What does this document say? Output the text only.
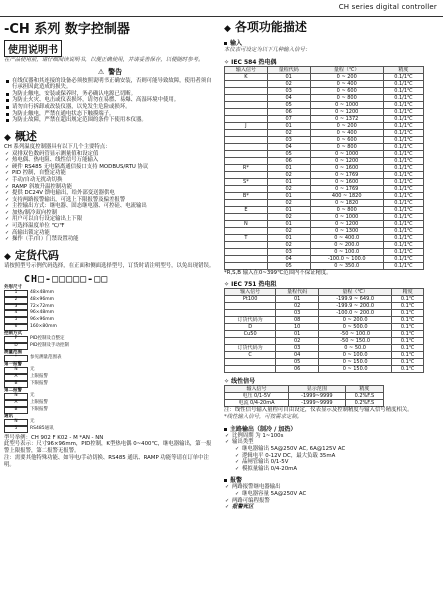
CH series digital controller
-CH 系列 数字控制器
使用说明书
在产品使用前，请仔细阅读说明书，以便正确使用，并请妥善保存，以便随时参考。
⚠ 警告
在线仪器和其连接的设备必须按照说明书正确安装，否则可能导致故障，使用者须自行承担因此造成的损失。
为防止触电，安装或保养时，务必确认电源已切断。
为防止火灾、电击或仪表损坏，请勿在易燃、易爆、高湿环境中使用。
请勿自行拆卸或改装仪器，以免发生危险或损坏。
为防止触电，严禁在通电状态下触摸端子。
为防止故障，严禁在超出规定范围的条件下使用本仪器。
◆ 概述
CH 系列温度控制器具有以下几个主要特点：
✓ 双排双色数码管显示测量值和设定值
✓ 热电偶、热电阻、线性信号万能输入
✓ 硬件 RS485 无电隔离通信接口支持 MODBUS/RTU 协议
✓ PID 控制，自整定功能
✓ 手动/自动无扰动切换
✓ RAMP 斜坡升温控制功能
✓ 提供 DC24V 馈电输出，给外部变送器供电
✓ 支持两路报警输出，可选上下限报警及偏差报警
✓ 主控输出方式：继电器、固态继电器、可控硅、电流输出
✓ 加热/制冷双向控制
✓ 用户可以自行设定输出上下限
✓ 可选择温度单位 ℃/℉
✓ 高输出锁定功能
✓ 操作（手/自）门禁设置功能
◆ 定货代码
请按照型号示例代码选择，在正面和侧面选择型号，订货时请注明型号，以免出现错误。
CH□-□□□□□-□□
外形尺寸
1	48×48mm
2	48×96mm
3	72×72mm
4	96×48mm
5	96×96mm
6	160×80mm
控制方式
F	PID控制及自整定
D	PID控制及手动控制
测量范围
*	参见测量范围表
第一报警
N	无
A	上限报警
B	下限报警
第二报警
N	无
A	上限报警
B	下限报警
通讯
N	无
5	RS485通讯
型号举例：CH 902 F K02 - M *AN - NN
此型号表示：尺寸96×96mm，PID控制，K型热电偶 0~400℃，继电器输出，第一报警上限报警，第二报警无报警。
注：需要其他特殊功能、如导电/手动切换、RS485 通讯、RAMP 功能等请在订单中注明。
◆ 各项功能描述
输入
本仪表可设定为以下几种输入信号：
✧ IEC 584 热电偶
输入信号	量程代码	量程（℃）	精度
K	01	0 ~ 200	0.1/1℃
	02	0 ~ 400	0.1/1℃
	03	0 ~ 600	0.1/1℃
	04	0 ~ 800	0.1/1℃
	05	0 ~ 1000	0.1/1℃
	06	0 ~ 1200	0.1/1℃
	07	0 ~ 1372	0.1/1℃
J	01	0 ~ 200	0.1/1℃
	02	0 ~ 400	0.1/1℃
	03	0 ~ 600	0.1/1℃
	04	0 ~ 800	0.1/1℃
	05	0 ~ 1000	0.1/1℃
	06	0 ~ 1200	0.1/1℃
R*	01	0 ~ 1600	0.1/1℃
	02	0 ~ 1769	0.1/1℃
S*	01	0 ~ 1600	0.1/1℃
	02	0 ~ 1769	0.1/1℃
B*	01	400 ~ 1820	0.1/1℃
	02	0 ~ 1820	0.1/1℃
E	01	0 ~ 800	0.1/1℃
	02	0 ~ 1000	0.1/1℃
N	01	0 ~ 1200	0.1/1℃
	02	0 ~ 1300	0.1/1℃
T	01	0 ~ 400.0	0.1/1℃
	02	0 ~ 200.0	0.1/1℃
	03	0 ~ 100.0	0.1/1℃
	04	-100.0 ~ 100.0	0.1/1℃
	05	0 ~ 350.0	0.1/1℃
*R,S,B 输入在0~399℃范围内不保证精度。
✧ IEC 751 热电阻
输入信号	量程代码	量程（℃）	精度
Pt100	01	-199.9 ~ 649.0	0.1℃
	02	-199.9 ~ 200.0	0.1℃
	03	-100.0 ~ 200.0	0.1℃
订货代码为	08	0 ~ 200.0	0.1℃
D	10	0 ~ 500.0	0.1℃
Cu50	01	-50 ~ 100.0	0.1℃
	02	-50 ~ 150.0	0.1℃
订货代码为	03	0 ~ 50.0	0.1℃
C	04	0 ~ 100.0	0.1℃
	05	0 ~ 150.0	0.1℃
	06	0 ~ 150.0	0.1℃
✧ 线性信号
输入信号	显示范围	精度
电压 0/1-5V	-1999~9999	0.2%F.S
电流 0/4-20mA	-1999~9999	0.2%F.S
注：线性信号输入量程可自由设定，仪表显示及控制精度与输入信号精度相关。
*线性输入信号，可按需求定制。
主路输出（制冷 / 加热）
✓ 比例周期 为 1~100s
✓ 输出类型
✓ 继电器输出 5A@250V AC, 6A@125V AC
✓ 逻辑电平 0-12V DC，最大负载 35mA
✓ 晶闸管输出 0/1-5V
✓ 模拟量输出 0/4-20mA
报警
✓ 两路报警继电器输出
✓ 继电器容量 5A@250V AC
✓ 两路可编程报警
✓ 报警死区
